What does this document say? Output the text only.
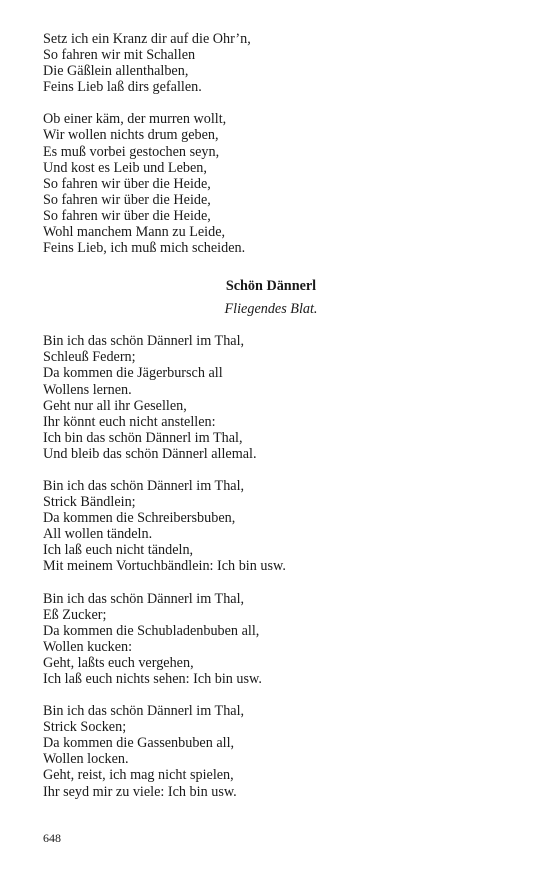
Setz ich ein Kranz dir auf die Ohr’n,
So fahren wir mit Schallen
Die Gäßlein allenthalben,
Feins Lieb laß dirs gefallen.
Ob einer käm, der murren wollt,
Wir wollen nichts drum geben,
Es muß vorbei gestochen seyn,
Und kost es Leib und Leben,
So fahren wir über die Heide,
So fahren wir über die Heide,
So fahren wir über die Heide,
Wohl manchem Mann zu Leide,
Feins Lieb, ich muß mich scheiden.
Schön Dännerl
Fliegendes Blat.
Bin ich das schön Dännerl im Thal,
Schleuß Federn;
Da kommen die Jägerbursch all
Wollens lernen.
Geht nur all ihr Gesellen,
Ihr könnt euch nicht anstellen:
Ich bin das schön Dännerl im Thal,
Und bleib das schön Dännerl allemal.
Bin ich das schön Dännerl im Thal,
Strick Bändlein;
Da kommen die Schreibersbuben,
All wollen tändeln.
Ich laß euch nicht tändeln,
Mit meinem Vortuchbändlein: Ich bin usw.
Bin ich das schön Dännerl im Thal,
Eß Zucker;
Da kommen die Schubladenbuben all,
Wollen kucken:
Geht, laßts euch vergehen,
Ich laß euch nichts sehen: Ich bin usw.
Bin ich das schön Dännerl im Thal,
Strick Socken;
Da kommen die Gassenbuben all,
Wollen locken.
Geht, reist, ich mag nicht spielen,
Ihr seyd mir zu viele: Ich bin usw.
648
